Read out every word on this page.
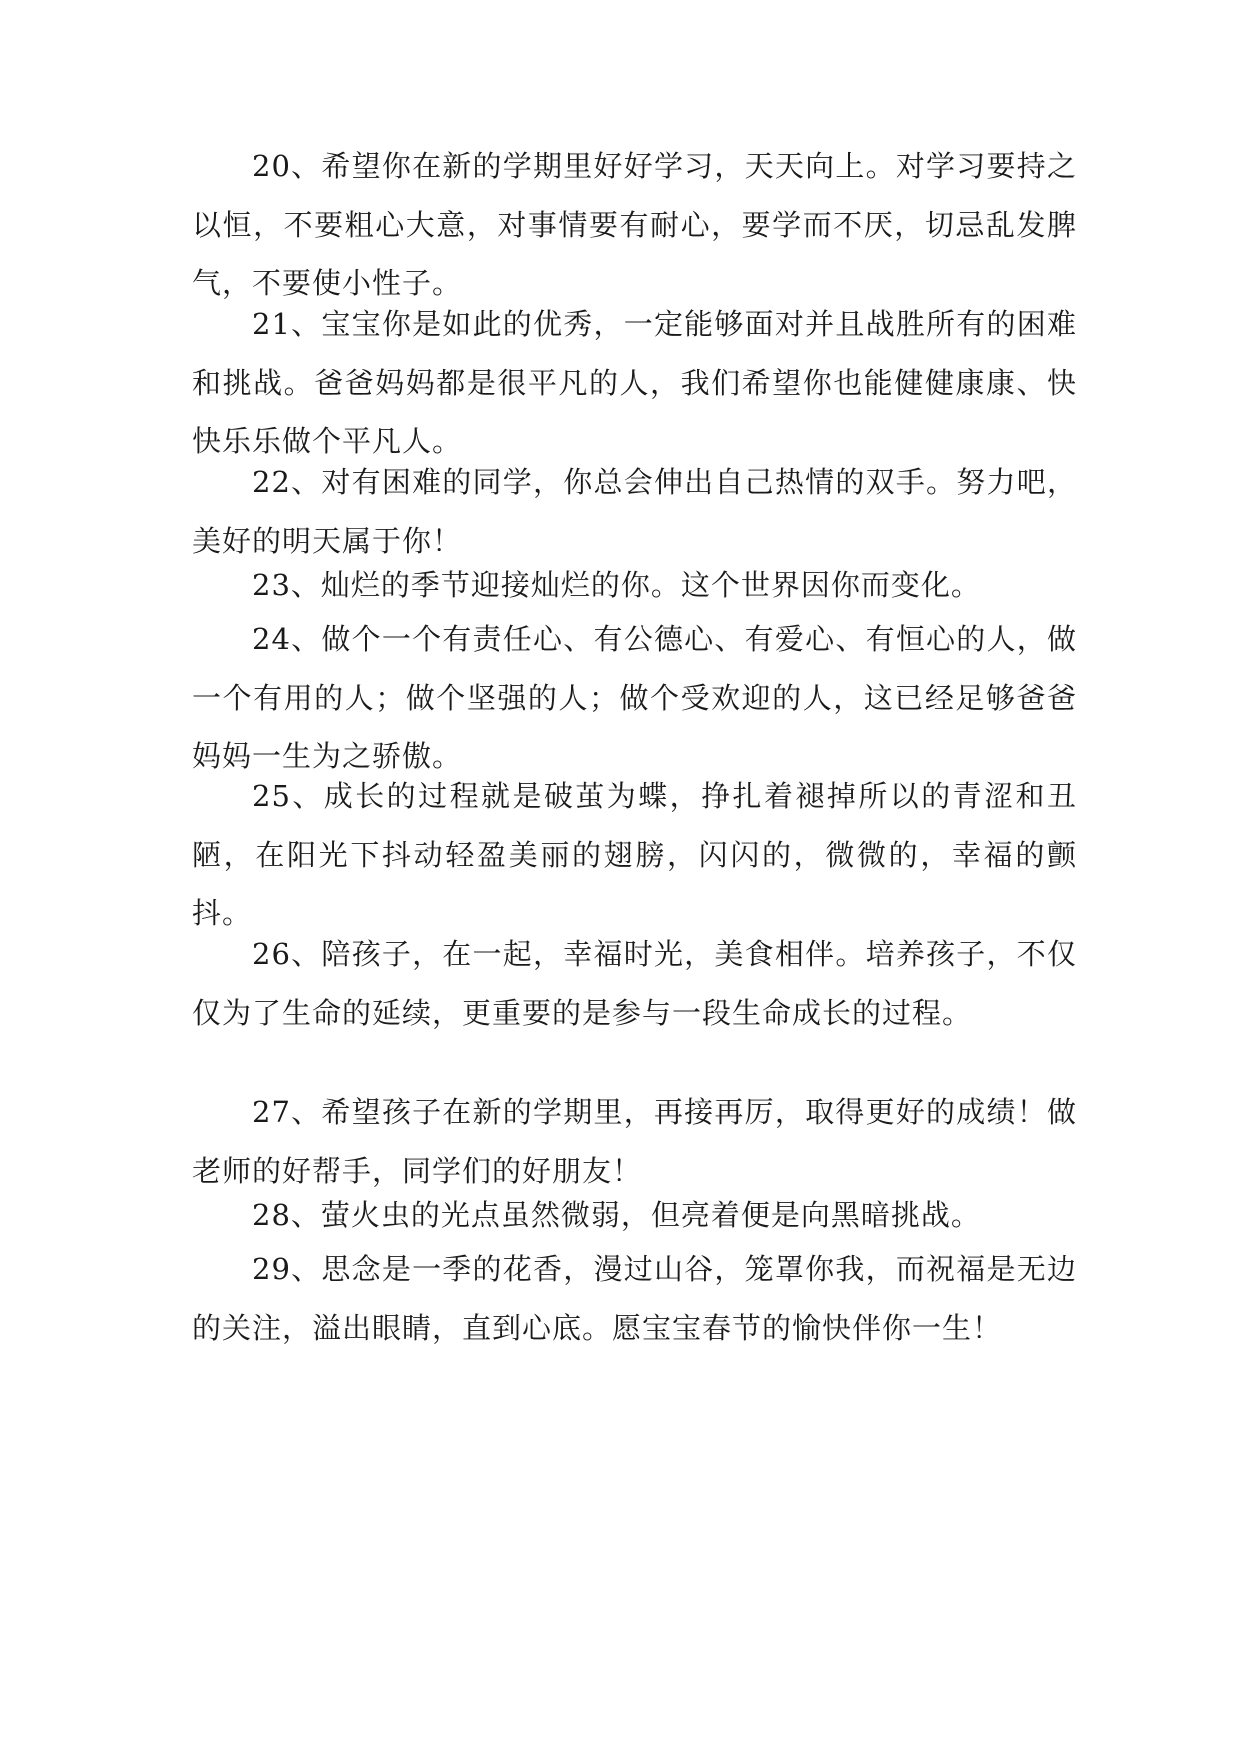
20、希望你在新的学期里好好学习，天天向上。对学习要持之以恒，不要粗心大意，对事情要有耐心，要学而不厌，切忌乱发脾气，不要使小性子。

21、宝宝你是如此的优秀，一定能够面对并且战胜所有的困难和挑战。爸爸妈妈都是很平凡的人，我们希望你也能健健康康、快快乐乐做个平凡人。

22、对有困难的同学，你总会伸出自己热情的双手。努力吧，美好的明天属于你！

23、灿烂的季节迎接灿烂的你。这个世界因你而变化。

24、做个一个有责任心、有公德心、有爱心、有恒心的人，做一个有用的人；做个坚强的人；做个受欢迎的人，这已经足够爸爸妈妈一生为之骄傲。

25、成长的过程就是破茧为蝶，挣扎着褪掉所以的青涩和丑陋，在阳光下抖动轻盈美丽的翅膀，闪闪的，微微的，幸福的颤抖。

26、陪孩子，在一起，幸福时光，美食相伴。培养孩子，不仅仅为了生命的延续，更重要的是参与一段生命成长的过程。

27、希望孩子在新的学期里，再接再厉，取得更好的成绩！做老师的好帮手，同学们的好朋友！

28、萤火虫的光点虽然微弱，但亮着便是向黑暗挑战。

29、思念是一季的花香，漫过山谷，笼罩你我，而祝福是无边的关注，溢出眼睛，直到心底。愿宝宝春节的愉快伴你一生！
